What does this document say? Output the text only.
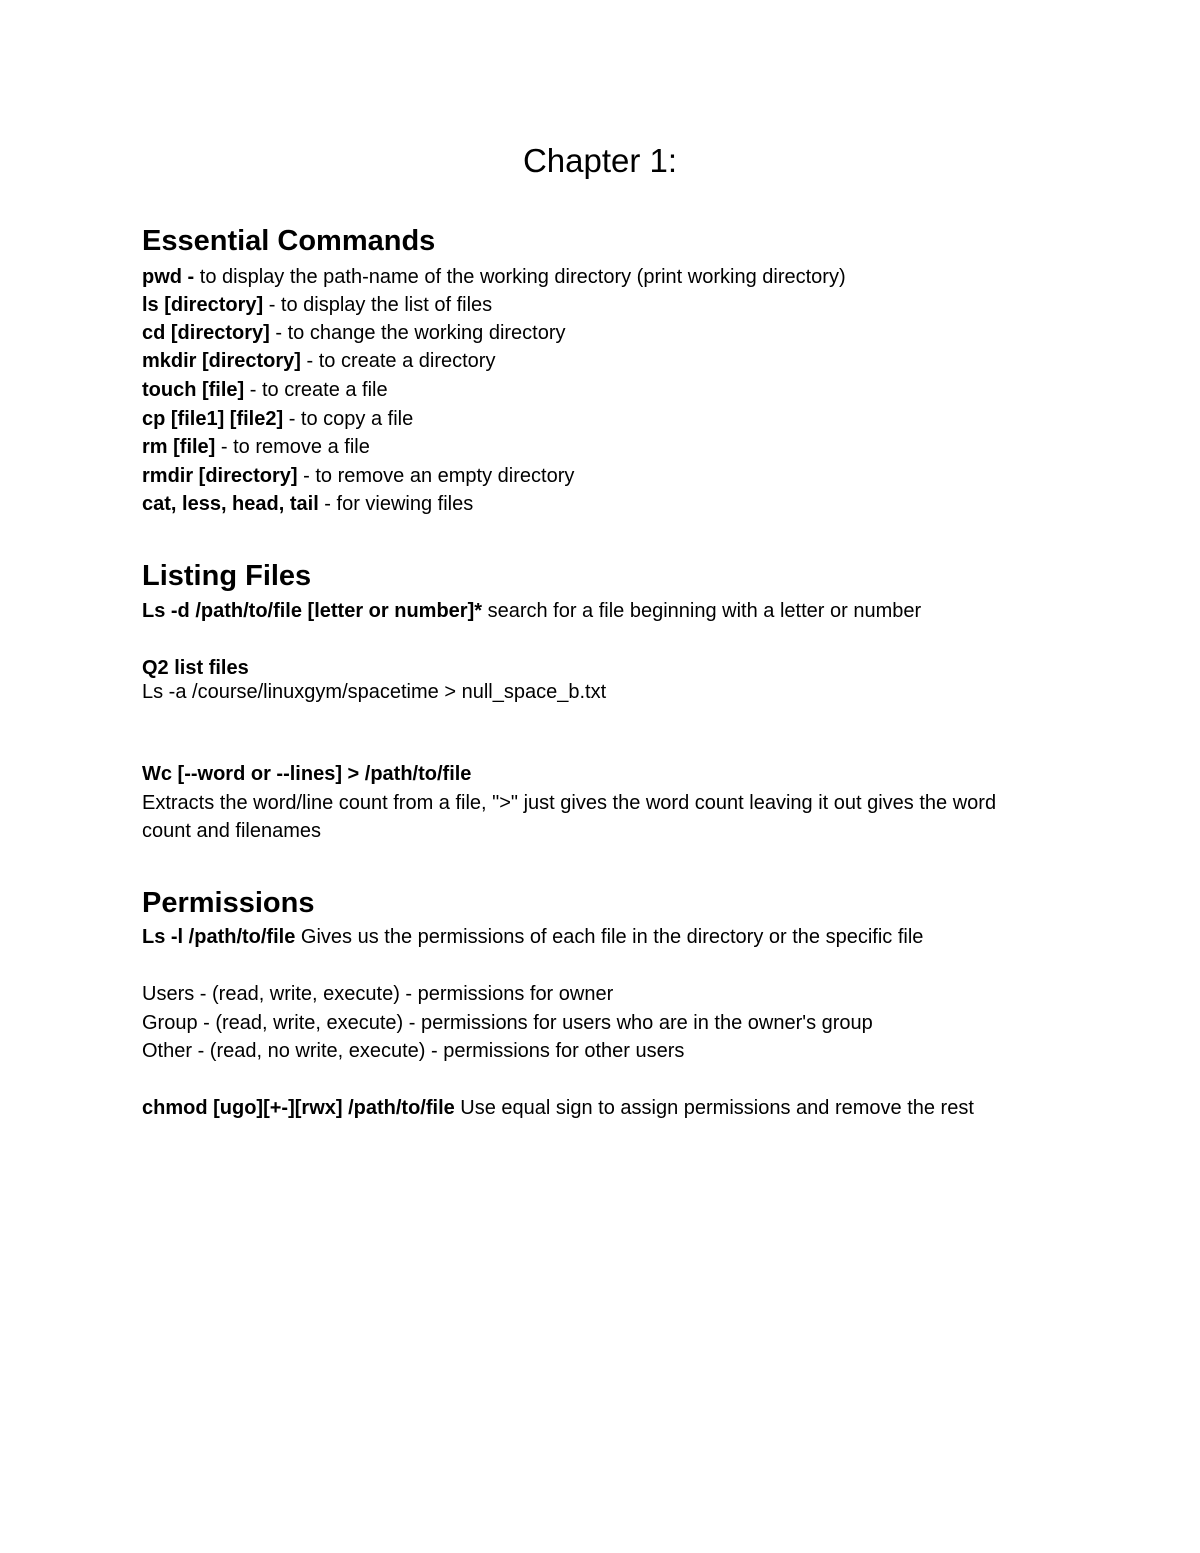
Chapter 1:
Essential Commands

pwd - to display the path-name of the working directory (print working directory)

ls [directory] - to display the list of files

cd [directory] - to change the working directory

mkdir [directory] - to create a directory

touch [file] - to create a file

cp [file1] [file2] - to copy a file

rm [file] - to remove a file

rmdir [directory] - to remove an empty directory

cat, less, head, tail - for viewing files

Listing Files

Ls -d /path/to/file [letter or number]* search for a file beginning with a letter or number

Q2 list files

Ls -a /course/linuxgym/spacetime > null_space_b.txt

Wc [--word or --lines] > /path/to/file

Extracts the word/line count from a file, ">" just gives the word count leaving it out gives the word count and filenames

Permissions

Ls -l /path/to/file Gives us the permissions of each file in the directory or the specific file

Users - (read, write, execute) - permissions for owner

Group - (read, write, execute) - permissions for users who are in the owner's group

Other - (read, no write, execute) - permissions for other users

chmod [ugo][+-][rwx] /path/to/file Use equal sign to assign permissions and remove the rest
